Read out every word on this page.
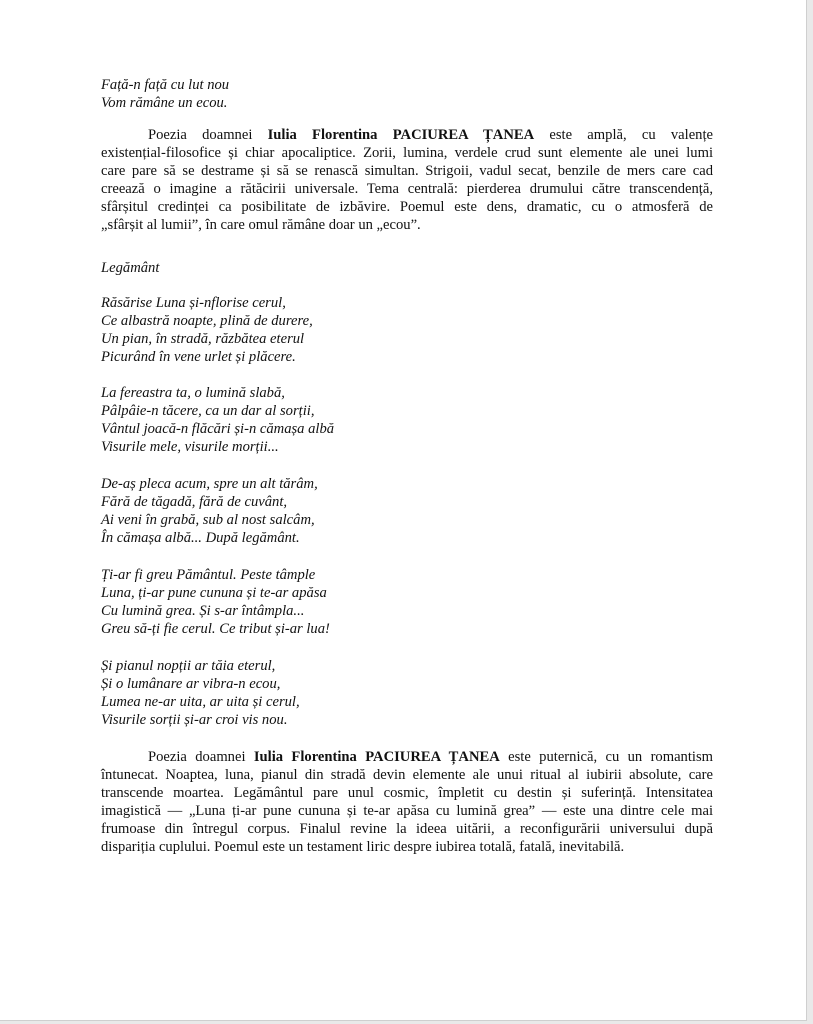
Față-n față cu lut nou
Vom rămâne un ecou.
Poezia doamnei Iulia Florentina PACIUREA ȚANEA este amplă, cu valențe
existențial-filosofice și chiar apocaliptice. Zorii, lumina, verdele crud sunt elemente ale unei lumi
care pare să se destrame și să se renască simultan. Strigoii, vadul secat, benzile de mers care cad
creează o imagine a rătăcirii universale. Tema centrală: pierderea drumului către transcendență,
sfârșitul credinței ca posibilitate de izbăvire. Poemul este dens, dramatic, cu o atmosferă de
„sfârșit al lumii”, în care omul rămâne doar un „ecou”.
Legământ
Răsărise Luna și-nflorise cerul,
Ce albastră noapte, plină de durere,
Un pian, în stradă, răzbătea eterul
Picurând în vene urlet și plăcere.
La fereastra ta, o lumină slabă,
Pâlpâie-n tăcere, ca un dar al sorții,
Vântul joacă-n flăcări și-n cămașa albă
Visurile mele, visurile morții...
De-aș pleca acum, spre un alt tărâm,
Fără de tăgadă, fără de cuvânt,
Ai veni în grabă, sub al nost salcâm,
În cămașa albă... După legământ.
Ți-ar fi greu Pământul. Peste tâmple
Luna, ți-ar pune cununa și te-ar apăsa
Cu lumină grea. Și s-ar întâmpla...
Greu să-ți fie cerul. Ce tribut și-ar lua!
Și pianul nopții ar tăia eterul,
Și o lumânare ar vibra-n ecou,
Lumea ne-ar uita, ar uita și cerul,
Visurile sorții și-ar croi vis nou.
Poezia doamnei Iulia Florentina PACIUREA ȚANEA este puternică, cu un romantism
întunecat. Noaptea, luna, pianul din stradă devin elemente ale unui ritual al iubirii absolute, care
transcende moartea. Legământul pare unul cosmic, împletit cu destin și suferință. Intensitatea
imagistică — „Luna ți-ar pune cununa și te-ar apăsa cu lumină grea” — este una dintre cele mai
frumoase din întregul corpus. Finalul revine la ideea uitării, a reconfigurării universului după
dispariția cuplului. Poemul este un testament liric despre iubirea totală, fatală, inevitabilă.
